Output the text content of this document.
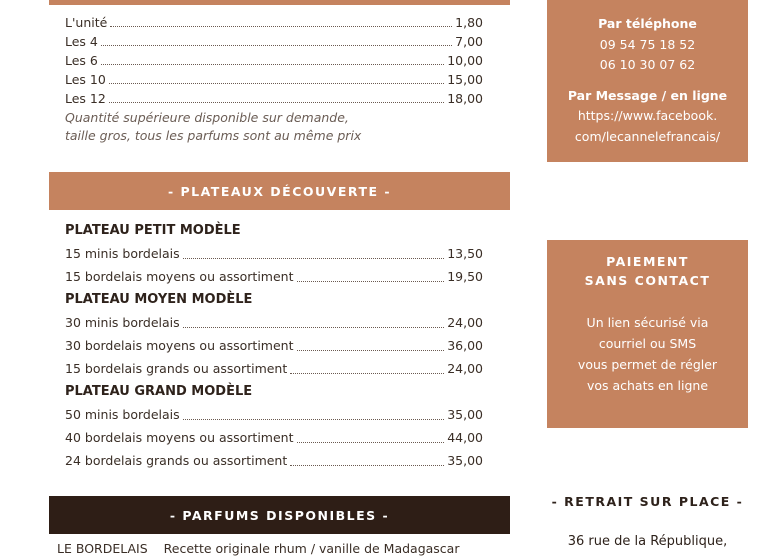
L'unité	1,80
Les 4	7,00
Les 6	10,00
Les 10	15,00
Les 12	18,00
Quantité supérieure disponible sur demande,
taille gros, tous les parfums sont au même prix
- PLATEAUX DÉCOUVERTE -
PLATEAU PETIT MODÈLE
15 minis bordelais	13,50
15 bordelais moyens ou assortiment	19,50
PLATEAU MOYEN MODÈLE
30 minis bordelais	24,00
30 bordelais moyens ou assortiment	36,00
15 bordelais grands ou assortiment	24,00
PLATEAU GRAND MODÈLE
50 minis bordelais	35,00
40 bordelais moyens ou assortiment	44,00
24 bordelais grands ou assortiment	35,00
- PARFUMS DISPONIBLES -
LE BORDELAIS Recette originale rhum / vanille de Madagascar
Par téléphone
09 54 75 18 52
06 10 30 07 62
Par Message / en ligne
https://www.facebook.
com/lecannelefrancais/
PAIEMENT
SANS CONTACT
Un lien sécurisé via
courriel ou SMS
vous permet de régler
vos achats en ligne
- RETRAIT SUR PLACE -
36 rue de la République,
